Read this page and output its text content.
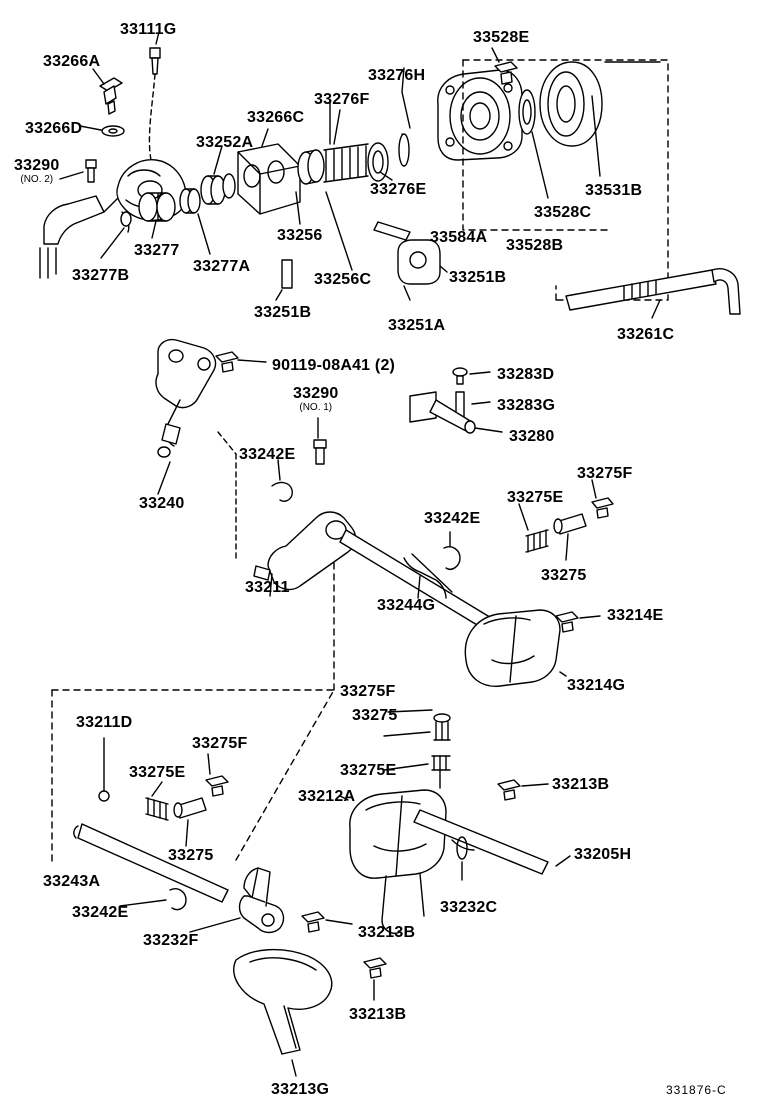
33111G	33528E
33266A
33276H
33276F
33266D
33266C
33252A
33290
(NO. 2)
33531B
33276E
33584A
33528C
33256
33277
33277A
33277B
33528B
33256C	33251B
33251B
33251A
33261C
90119-08A41 (2)
33283D
33290
(NO. 1)	33283G
33280
33242E
33275F
33275E
33240
33242E
33275
33211
33244G
33214E
33214G
33275F
33275
33211D
33275E
33275F
33213B
33212A
33275E
33275	33205H
33243A
33232C
33242E
33232F	33213B
33213B
33213G	331876-C
